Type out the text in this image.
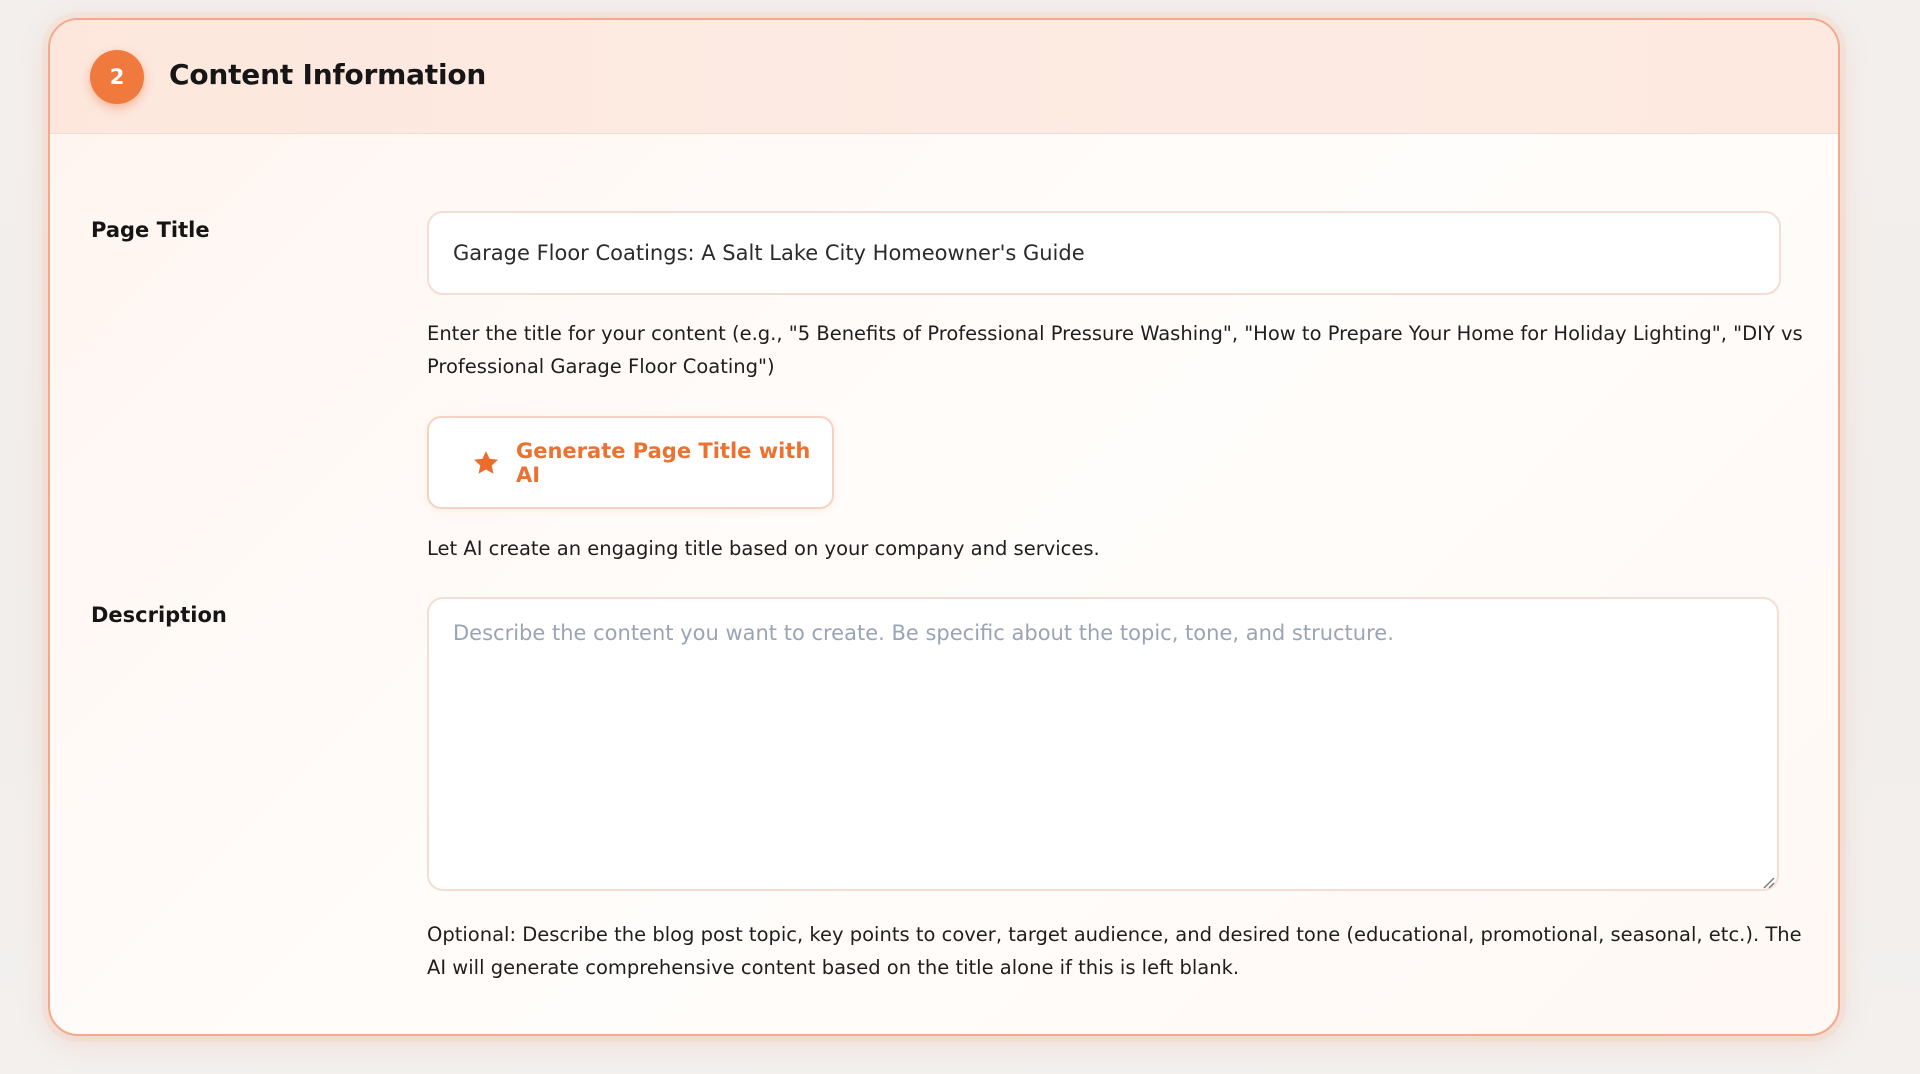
2	Content Information
Page Title
Garage Floor Coatings: A Salt Lake City Homeowner's Guide
Enter the title for your content (e.g., "5 Benefits of Professional Pressure Washing", "How to Prepare Your Home for Holiday Lighting", "DIY vs Professional Garage Floor Coating")
Generate Page Title with AI
Let AI create an engaging title based on your company and services.
Description
Describe the content you want to create. Be specific about the topic, tone, and structure.
Optional: Describe the blog post topic, key points to cover, target audience, and desired tone (educational, promotional, seasonal, etc.). The AI will generate comprehensive content based on the title alone if this is left blank.
